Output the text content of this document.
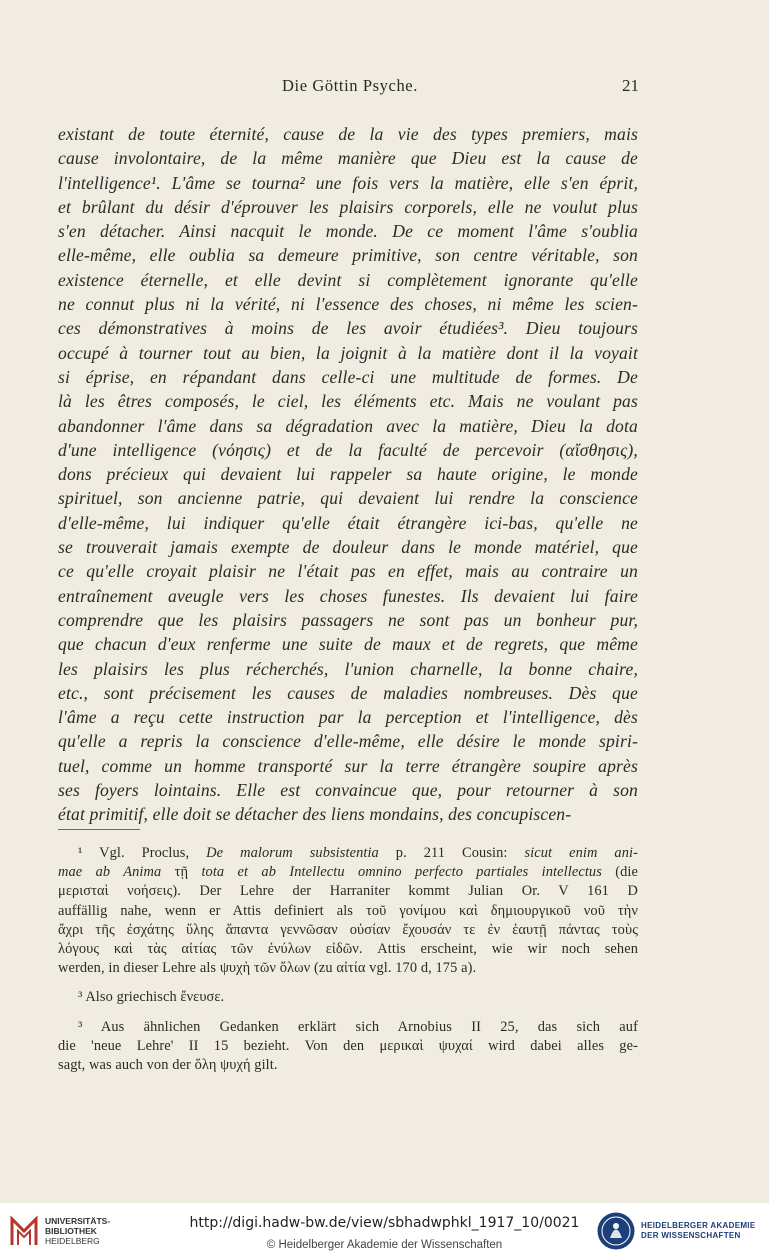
Die Göttin Psyche.	21
existant de toute éternité, cause de la vie des types premiers, mais
cause involontaire, de la même manière que Dieu est la cause de
l'intelligence¹. L'âme se tourna² une fois vers la matière, elle s'en éprit,
et brûlant du désir d'éprouver les plaisirs corporels, elle ne voulut plus
s'en détacher. Ainsi nacquit le monde. De ce moment l'âme s'oublia
elle-même, elle oublia sa demeure primitive, son centre véritable, son
existence éternelle, et elle devint si complètement ignorante qu'elle
ne connut plus ni la vérité, ni l'essence des choses, ni même les scien-
ces démonstratives à moins de les avoir étudiées³. Dieu toujours
occupé à tourner tout au bien, la joignit à la matière dont il la voyait
si éprise, en répandant dans celle-ci une multitude de formes. De
là les êtres composés, le ciel, les éléments etc. Mais ne voulant pas
abandonner l'âme dans sa dégradation avec la matière, Dieu la dota
d'une intelligence (νόησις) et de la faculté de percevoir (αἴσθησις),
dons précieux qui devaient lui rappeler sa haute origine, le monde
spirituel, son ancienne patrie, qui devaient lui rendre la conscience
d'elle-même, lui indiquer qu'elle était étrangère ici-bas, qu'elle ne
se trouverait jamais exempte de douleur dans le monde matériel, que
ce qu'elle croyait plaisir ne l'était pas en effet, mais au contraire un
entraînement aveugle vers les choses funestes. Ils devaient lui faire
comprendre que les plaisirs passagers ne sont pas un bonheur pur,
que chacun d'eux renferme une suite de maux et de regrets, que même
les plaisirs les plus récherchés, l'union charnelle, la bonne chaire,
etc., sont précisement les causes de maladies nombreuses. Dès que
l'âme a reçu cette instruction par la perception et l'intelligence, dès
qu'elle a repris la conscience d'elle-même, elle désire le monde spiri-
tuel, comme un homme transporté sur la terre étrangère soupire après
ses foyers lointains. Elle est convaincue que, pour retourner à son
état primitif, elle doit se détacher des liens mondains, des concupiscen-
¹ Vgl. Proclus, De malorum subsistentia p. 211 Cousin: sicut enim ani-
mae ab Anima τῇ tota et ab Intellectu omnino perfecto partiales intellectus (die
μερισταὶ νοήσεις). Der Lehre der Harraniter kommt Julian Or. V 161 D
auffällig nahe, wenn er Attis definiert als τοῦ γονίμου καὶ δημιουργικοῦ νοῦ τὴν
ἄχρι τῆς ἐσχάτης ὕλης ἅπαντα γεννῶσαν οὐσίαν ἔχουσάν τε ἐν ἑαυτῇ πάντας τοὺς
λόγους καὶ τὰς αἰτίας τῶν ἐνύλων εἰδῶν. Attis erscheint, wie wir noch sehen
werden, in dieser Lehre als ψυχὴ τῶν ὅλων (zu αἰτία vgl. 170 d, 175 a).
³ Also griechisch ἔνευσε.
³ Aus ähnlichen Gedanken erklärt sich Arnobius II 25, das sich auf
die 'neue Lehre' II 15 bezieht. Von den μερικαὶ ψυχαί wird dabei alles ge-
sagt, was auch von der ὅλη ψυχή gilt.
UNIVERSITÄTS-
BIBLIOTHEK
HEIDELBERG
http://digi.hadw-bw.de/view/sbhadwphkl_1917_10/0021
© Heidelberger Akademie der Wissenschaften
HEIDELBERGER AKADEMIE
DER WISSENSCHAFTEN
